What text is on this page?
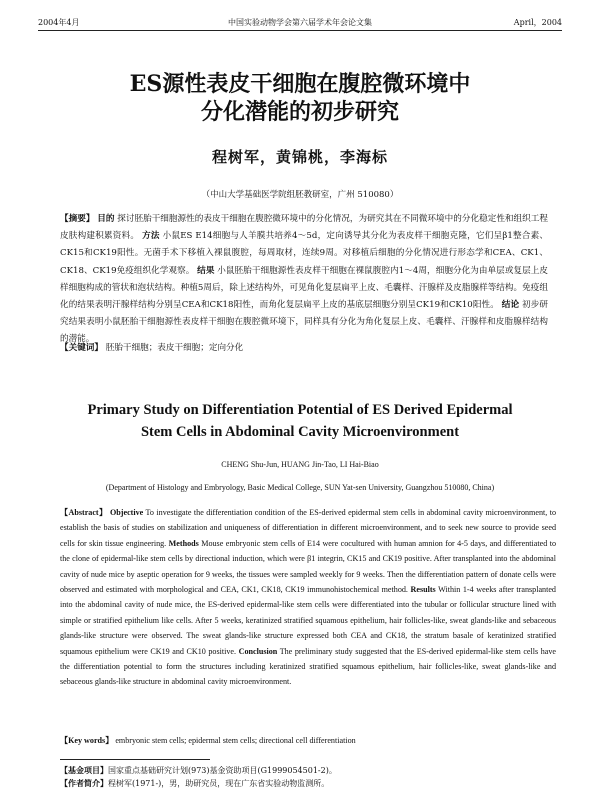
2004年4月	中国实验动物学会第六届学术年会论文集	April，2004
ES源性表皮干细胞在腹腔微环境中
分化潜能的初步研究
程树军，黄锦桃，李海标
（中山大学基础医学院组胚教研室，广州 510080）

【摘要】 目的 探讨胚胎干细胞源性的表皮干细胞在腹腔微环境中的分化情况，为研究其在不同微环境中的分化稳定性和组织工程皮肤构建积累资料。 方法 小鼠ES E14细胞与人羊膜共培养4～5d，定向诱导其分化为表皮样干细胞克隆，它们呈β1整合素、CK15和CK19阳性。无菌手术下移植入裸鼠腹腔，每周取材，连续9周。对移植后细胞的分化情况进行形态学和CEA、CK1、CK18、CK19免疫组织化学观察。 结果 小鼠胚胎干细胞源性表皮样干细胞在裸鼠腹腔内1～4周，细胞分化为由单层或复层上皮样细胞构成的管状和泡状结构。种植5周后，除上述结构外，可见角化复层扁平上皮、毛囊样、汗腺样及皮脂腺样等结构。免疫组化的结果表明汗腺样结构分别呈CEA和CK18阳性，而角化复层扁平上皮的基底层细胞分别呈CK19和CK10阳性。 结论 初步研究结果表明小鼠胚胎干细胞源性表皮样干细胞在腹腔微环境下，同样具有分化为角化复层上皮、毛囊样、汗腺样和皮脂腺样结构的潜能。

【关键词】 胚胎干细胞；表皮干细胞；定向分化

Primary Study on Differentiation Potential of ES Derived Epidermal
Stem Cells in Abdominal Cavity Microenvironment
CHENG Shu-Jun, HUANG Jin-Tao, LI Hai-Biao
(Department of Histology and Embryology, Basic Medical College, SUN Yat-sen University, Guangzhou 510080, China)

【Abstract】 Objective To investigate the differentiation condition of the ES-derived epidermal stem cells in abdominal cavity microenvironment, to establish the basis of studies on stabilization and uniqueness of differentiation in different microenvironment, and to seek new source to provide seed cells for skin tissue engineering. Methods Mouse embryonic stem cells of E14 were cocultured with human amnion for 4-5 days, and differentiated to the clone of epidermal-like stem cells by directional induction, which were β1 integrin, CK15 and CK19 positive. After transplanted into the abdominal cavity of nude mice by aseptic operation for 9 weeks, the tissues were sampled weekly for 9 weeks. Then the differentiation pattern of donate cells were observed and estimated with morphological and CEA, CK1, CK18, CK19 immunohistochemical method. Results Within 1-4 weeks after transplanted into the abdominal cavity of nude mice, the ES-derived epidermal-like stem cells were differentiated into the tubular or follicular structure lined with simple or stratified epithelium like cells. After 5 weeks, keratinized stratified squamous epithelium, hair follicles-like, sweat glands-like and sebaceous glands-like structure were observed. The sweat glands-like structure expressed both CEA and CK18, the stratum basale of keratinized stratified squamous epithelium were CK19 and CK10 positive. Conclusion The preliminary study suggested that the ES-derived epidermal-like stem cells have the differentiation potential to form the structures including keratinized stratified squamous epithelium, hair follicles-like, sweat glands-like and sebaceous glands-like structure in abdominal cavity microenvironment.

【Key words】 embryonic stem cells; epidermal stem cells; directional cell differentiation

【基金项目】国家重点基础研究计划(973)基金资助项目(G1999054501-2)。
【作者简介】程树军(1971-)，男，助研究员，现在广东省实验动物监测所。
